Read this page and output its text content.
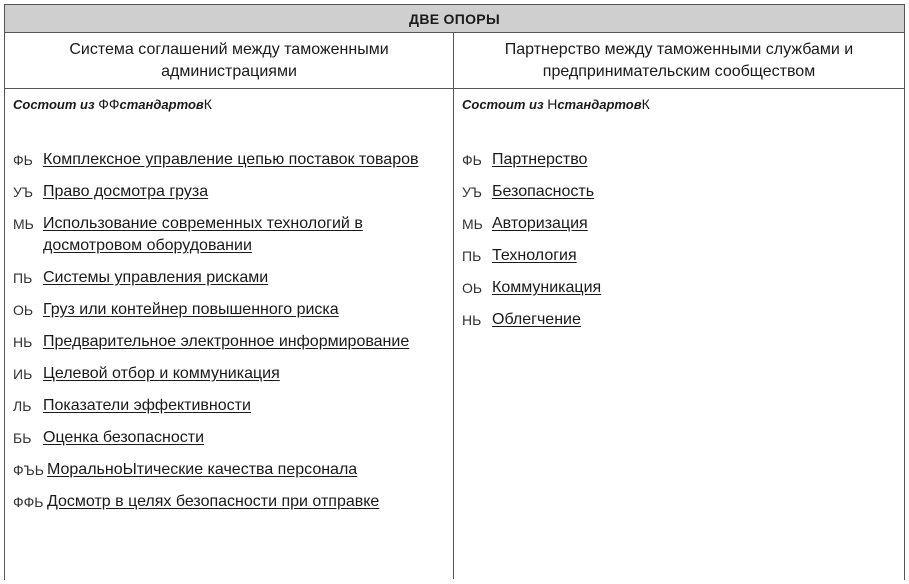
ДВЕ ОПОРЫ
Система соглашений между таможенными администрациями
Партнерство между таможенными службами и предпринимательским сообществом
Состоит из ФФстандартовК
ФЬ Комплексное управление цепью поставок товаров
УЪ Право досмотра груза
МЬ Использование современных технологий в досмотровом оборудовании
ПЬ Системы управления рисками
ОЬ Груз или контейнер повышенного риска
НЬ Предварительное электронное информирование
ИЬ Целевой отбор и коммуникация
ЛЬ Показатели эффективности
БЬ Оценка безопасности
ФЪЬ МоральноЫтические качества персонала
ФФЬ Досмотр в целях безопасности при отправке
Состоит из НстандартовК
ФЬ Партнерство
УЪ Безопасность
МЬ Авторизация
ПЬ Технология
ОЬ Коммуникация
НЬ Облегчение
